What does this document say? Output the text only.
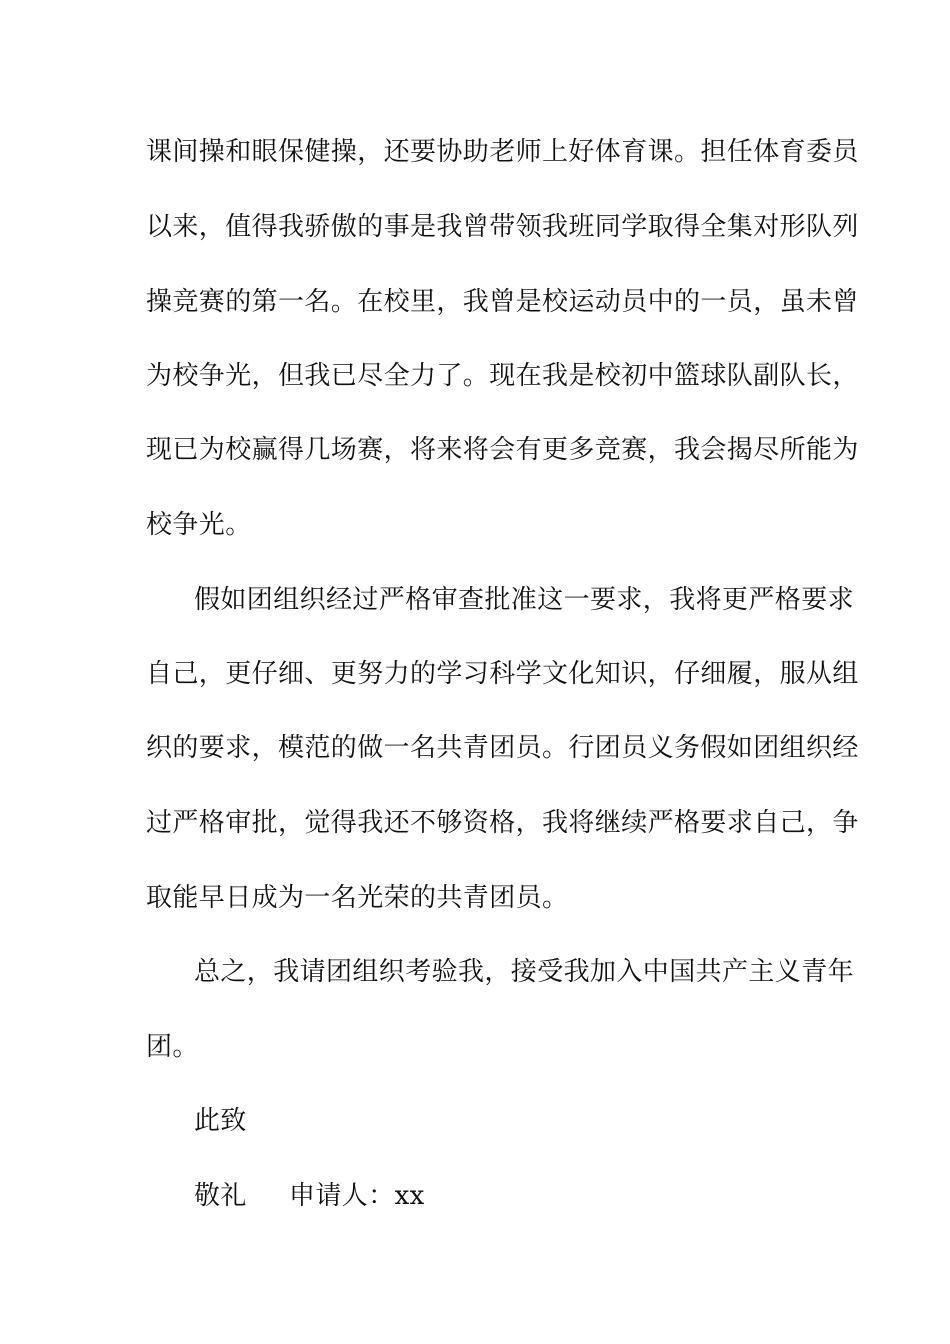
课间操和眼保健操，还要协助老师上好体育课。担任体育委员
以来，值得我骄傲的事是我曾带领我班同学取得全集对形队列
操竞赛的第一名。在校里，我曾是校运动员中的一员，虽未曾
为校争光，但我已尽全力了。现在我是校初中篮球队副队长，
现已为校赢得几场赛，将来将会有更多竞赛，我会揭尽所能为
校争光。
假如团组织经过严格审查批准这一要求，我将更严格要求
自己，更仔细、更努力的学习科学文化知识，仔细履，服从组
织的要求，模范的做一名共青团员。行团员义务假如团组织经
过严格审批，觉得我还不够资格，我将继续严格要求自己，争
取能早日成为一名光荣的共青团员。
总之，我请团组织考验我，接受我加入中国共产主义青年
团。
此致
敬礼 申请人：xx
